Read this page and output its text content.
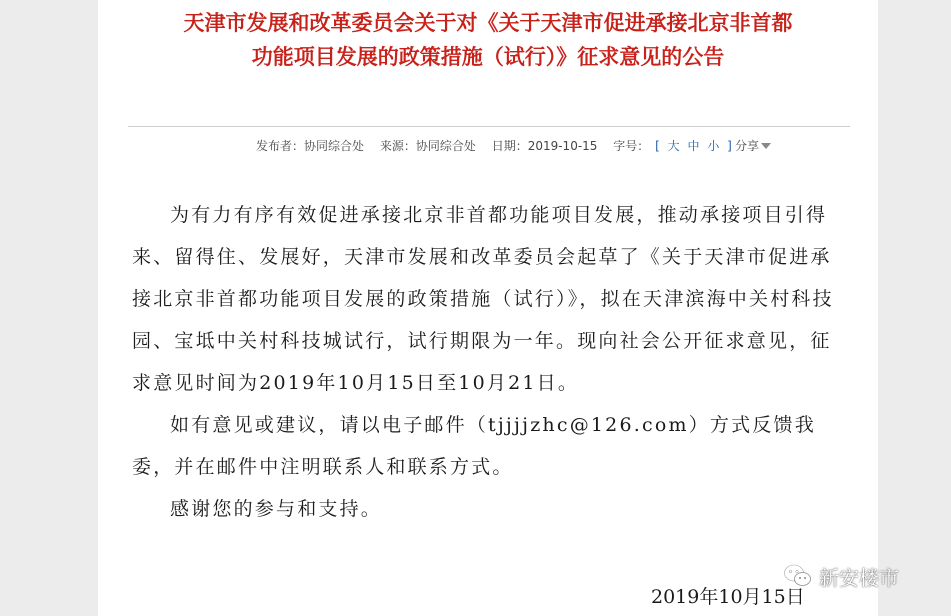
天津市发展和改革委员会关于对《关于天津市促进承接北京非首都
功能项目发展的政策措施（试行）》征求意见的公告
发布者：协同综合处 来源：协同综合处 日期：2019-10-15 字号： [ 大 中 小 ] 分享

为有力有序有效促进承接北京非首都功能项目发展，推动承接项目引得来、留得住、发展好，天津市发展和改革委员会起草了《关于天津市促进承接北京非首都功能项目发展的政策措施（试行）》，拟在天津滨海中关村科技园、宝坻中关村科技城试行，试行期限为一年。现向社会公开征求意见，征求意见时间为2019年10月15日至10月21日。

如有意见或建议，请以电子邮件（tjjjjzhc@126.com）方式反馈我委，并在邮件中注明联系人和联系方式。

感谢您的参与和支持。

2019年10月15日
新安楼市
